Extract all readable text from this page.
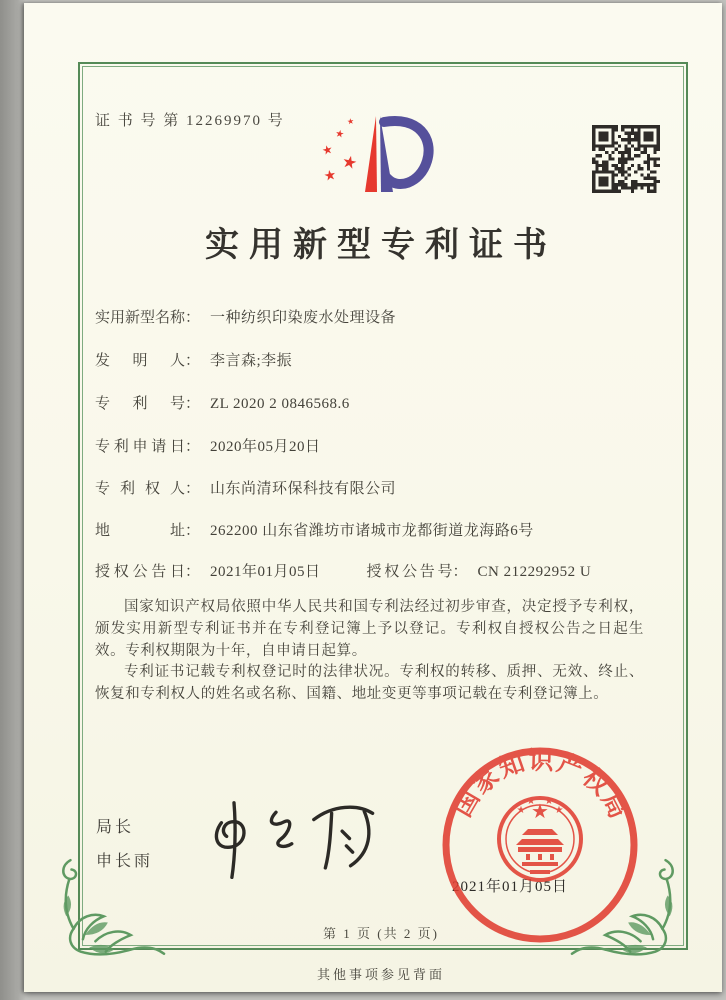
证 书 号 第 12269970 号
★
★
★
★
★
实用新型专利证书
实用新型名称 ： 一种纺织印染废水处理设备
发明人 ： 李言森;李振
专利号 ： ZL 2020 2 0846568.6
专利申请日 ： 2020年05月20日
专利权人 ： 山东尚清环保科技有限公司
地址 ： 262200 山东省潍坊市诸城市龙都街道龙海路6号
授权公告日 ： 2021年01月05日	授权公告号 ： CN 212292952 U

国家知识产权局依照中华人民共和国专利法经过初步审查，决定授予专利权，颁发实用新型专利证书并在专利登记簿上予以登记。专利权自授权公告之日起生效。专利权期限为十年，自申请日起算。

专利证书记载专利权登记时的法律状况。专利权的转移、质押、无效、终止、恢复和专利权人的姓名或名称、国籍、地址变更等事项记载在专利登记簿上。

局长
申长雨
2021年01月05日
国家知识产权局
★
★
★ ★
★
第 1 页 (共 2 页)
其他事项参见背面
